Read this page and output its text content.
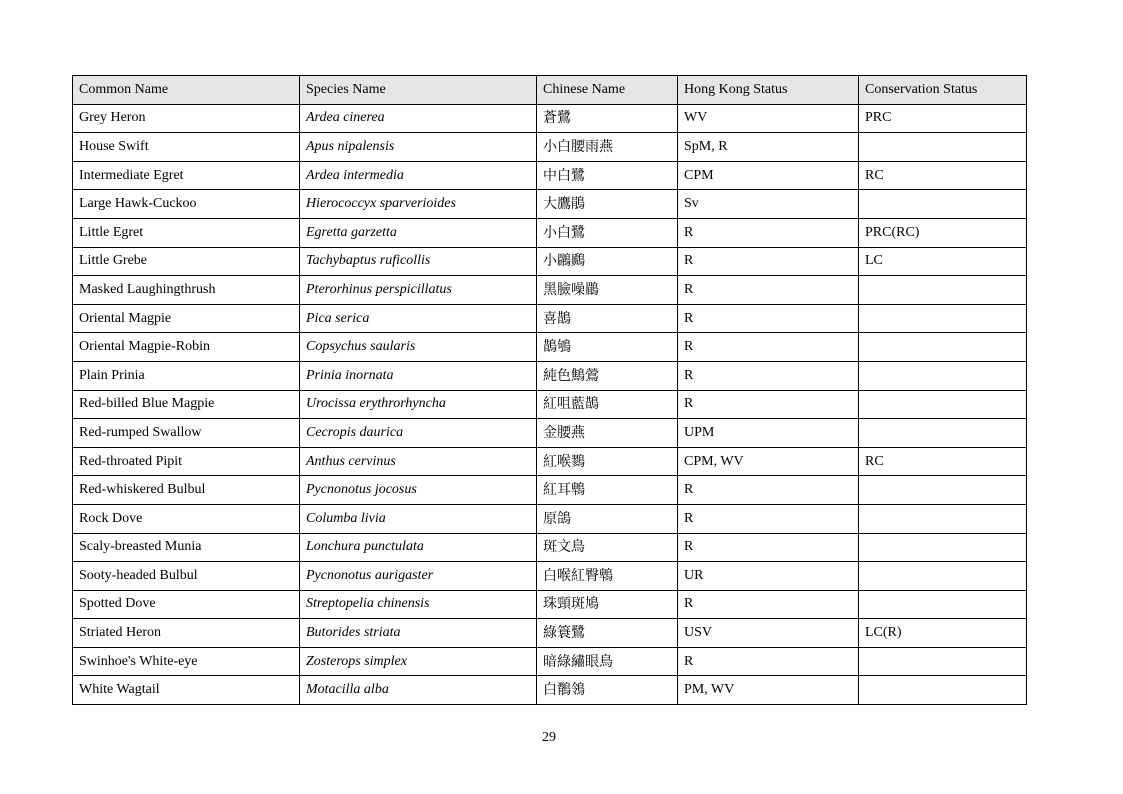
Common Name	Species Name	Chinese Name	Hong Kong Status	Conservation Status
Grey Heron	Ardea cinerea	蒼鷺	WV	PRC
House Swift	Apus nipalensis	小白腰雨燕	SpM, R	
Intermediate Egret	Ardea intermedia	中白鷺	CPM	RC
Large Hawk-Cuckoo	Hierococcyx sparverioides	大鷹鵑	Sv	
Little Egret	Egretta garzetta	小白鷺	R	PRC(RC)
Little Grebe	Tachybaptus ruficollis	小鸊鷉	R	LC
Masked Laughingthrush	Pterorhinus perspicillatus	黑臉噪鶥	R	
Oriental Magpie	Pica serica	喜鵲	R	
Oriental Magpie-Robin	Copsychus saularis	鵲鴝	R	
Plain Prinia	Prinia inornata	純色鷦鶯	R	
Red-billed Blue Magpie	Urocissa erythrorhyncha	紅咀藍鵲	R	
Red-rumped Swallow	Cecropis daurica	金腰燕	UPM	
Red-throated Pipit	Anthus cervinus	紅喉鷚	CPM, WV	RC
Red-whiskered Bulbul	Pycnonotus jocosus	紅耳鵯	R	
Rock Dove	Columba livia	原鴿	R	
Scaly-breasted Munia	Lonchura punctulata	斑文鳥	R	
Sooty-headed Bulbul	Pycnonotus aurigaster	白喉紅臀鵯	UR	
Spotted Dove	Streptopelia chinensis	珠頸斑鳩	R	
Striated Heron	Butorides striata	綠簑鷺	USV	LC(R)
Swinhoe's White-eye	Zosterops simplex	暗綠繡眼鳥	R	
White Wagtail	Motacilla alba	白鶺鴒	PM, WV	
29
